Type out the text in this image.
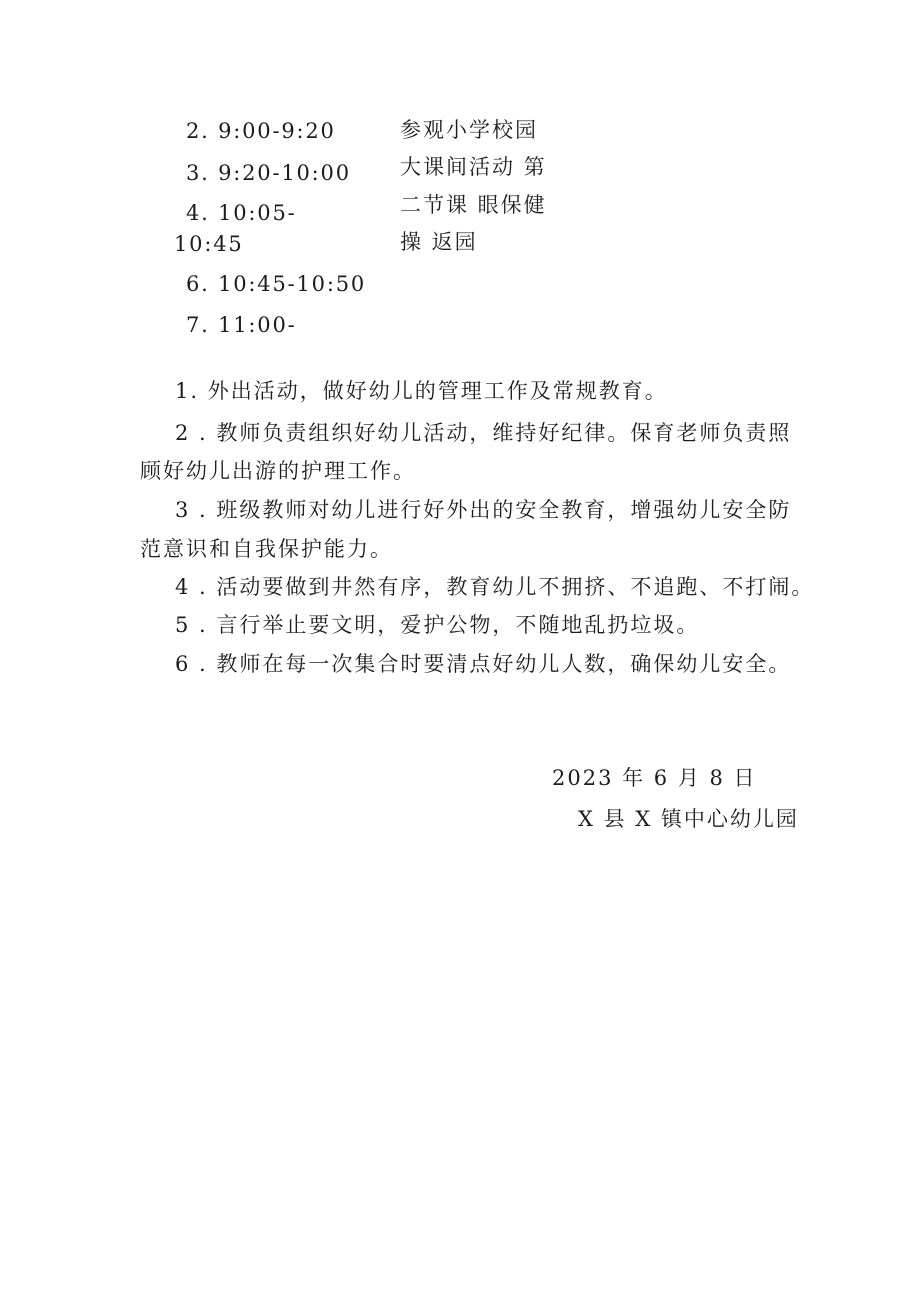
2. 9:00-9:20
3. 9:20-10:00
4. 10:05-
10:45
6. 10:45-10:50
7. 11:00-
参观小学校园
大课间活动 第
二节课 眼保健
操 返园
1. 外出活动，做好幼儿的管理工作及常规教育。
2 . 教师负责组织好幼儿活动，维持好纪律。保育老师负责照
顾好幼儿出游的护理工作。
3 . 班级教师对幼儿进行好外出的安全教育，增强幼儿安全防
范意识和自我保护能力。
4 . 活动要做到井然有序，教育幼儿不拥挤、不追跑、不打闹。
5 . 言行举止要文明，爱护公物，不随地乱扔垃圾。
6 . 教师在每一次集合时要清点好幼儿人数，确保幼儿安全。
2023 年 6 月 8 日
X 县 X 镇中心幼儿园
